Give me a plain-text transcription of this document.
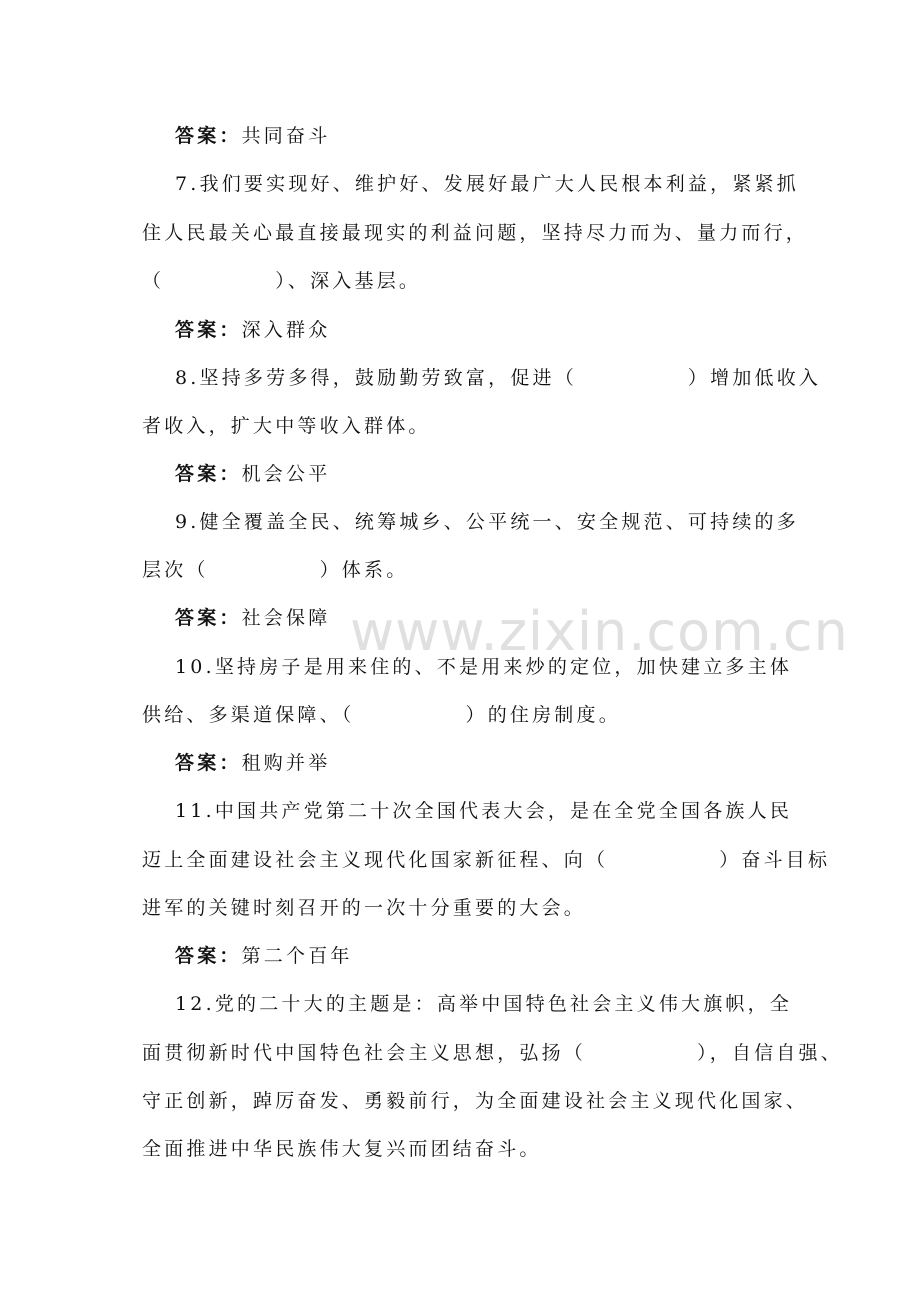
www.zixin.com.cn
答案：共同奋斗
7.我们要实现好、维护好、发展好最广大人民根本利益，紧紧抓
住人民最关心最直接最现实的利益问题，坚持尽力而为、量力而行，
（　　　　　）、深入基层。
答案：深入群众
8.坚持多劳多得，鼓励勤劳致富，促进（　　　　　）增加低收入
者收入，扩大中等收入群体。
答案：机会公平
9.健全覆盖全民、统筹城乡、公平统一、安全规范、可持续的多
层次（　　　　　）体系。
答案：社会保障
10.坚持房子是用来住的、不是用来炒的定位，加快建立多主体
供给、多渠道保障、（　　　　　）的住房制度。
答案：租购并举
11.中国共产党第二十次全国代表大会，是在全党全国各族人民
迈上全面建设社会主义现代化国家新征程、向（　　　　　）奋斗目标
进军的关键时刻召开的一次十分重要的大会。
答案：第二个百年
12.党的二十大的主题是：高举中国特色社会主义伟大旗帜，全
面贯彻新时代中国特色社会主义思想，弘扬（　　　　　），自信自强、
守正创新，踔厉奋发、勇毅前行，为全面建设社会主义现代化国家、
全面推进中华民族伟大复兴而团结奋斗。
